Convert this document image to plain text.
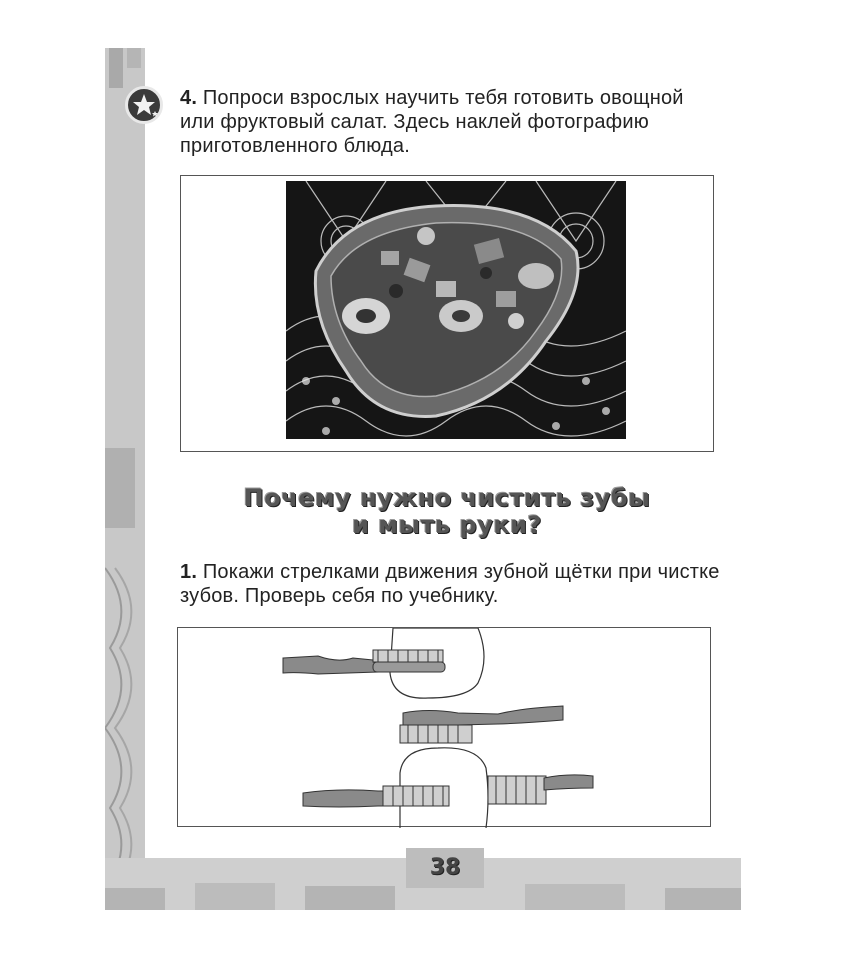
4. Попроси взрослых научить тебя готовить овощной или фруктовый салат. Здесь наклей фотографию приготовленного блюда.
Почему нужно чистить зубы
и мыть руки?
1. Покажи стрелками движения зубной щётки при чистке зубов. Проверь себя по учебнику.
38
